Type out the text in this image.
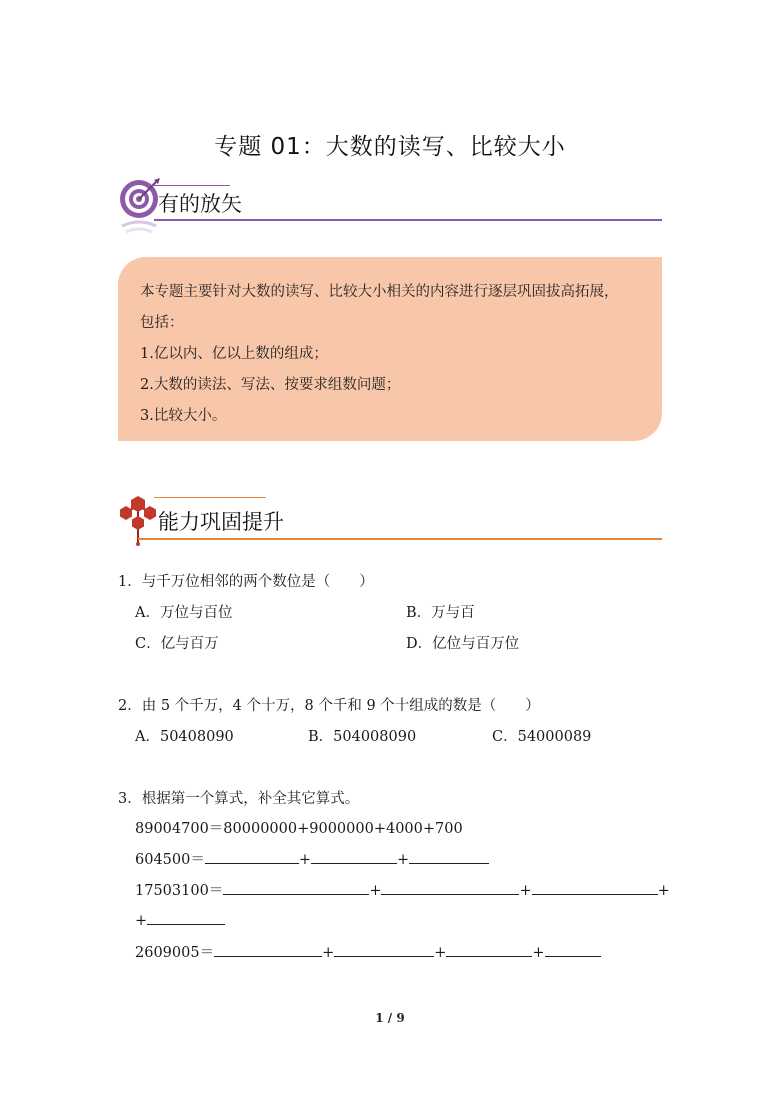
专题 01：大数的读写、比较大小
有的放矢

本专题主要针对大数的读写、比较大小相关的内容进行逐层巩固拔高拓展，

包括：

1.亿以内、亿以上数的组成；

2.大数的读法、写法、按要求组数问题；

3.比较大小。

能力巩固提升
1．与千万位相邻的两个数位是（　　）
A．万位与百位	B．万与百
C．亿与百万	D．亿位与百万位
2．由 5 个千万，4 个十万，8 个千和 9 个十组成的数是（　　）
A．50408090	B．504008090	C．54000089
3．根据第一个算式，补全其它算式。
89004700＝80000000+9000000+4000+700
604500＝	+	+
17503100＝	+	+	+
+
2609005＝	+	+	+
1 / 9
